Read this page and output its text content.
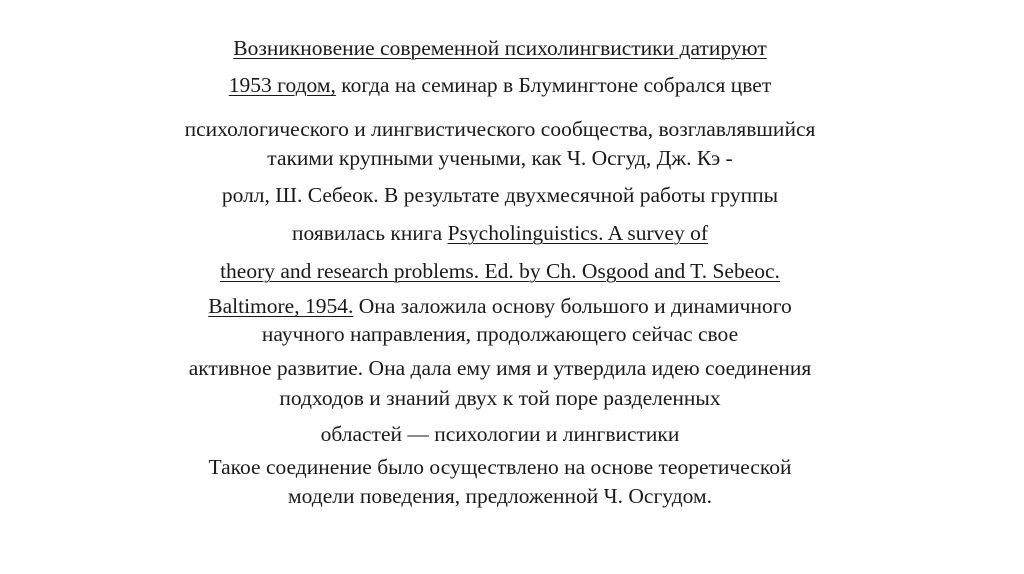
Возникновение современной психолингвистики датируют
1953 годом, когда на семинар в Блумингтоне собрался цвет
психологического и лингвистического сообщества, возглавлявшийся
такими крупными учеными, как Ч. Осгуд, Дж. Кэ -
ролл, Ш. Себеок. В результате двухмесячной работы группы
появилась книга Psycholinguistics. A survey of
theory and research problems. Ed. by Ch. Osgood and T. Sebeoc.
Baltimore, 1954. Она заложила основу большого и динамичного
научного направления, продолжающего сейчас свое
активное развитие. Она дала ему имя и утвердила идею соединения
подходов и знаний двух к той поре разделенных
областей — психологии и лингвистики
Такое соединение было осуществлено на основе теоретической
модели поведения, предложенной Ч. Осгудом.
